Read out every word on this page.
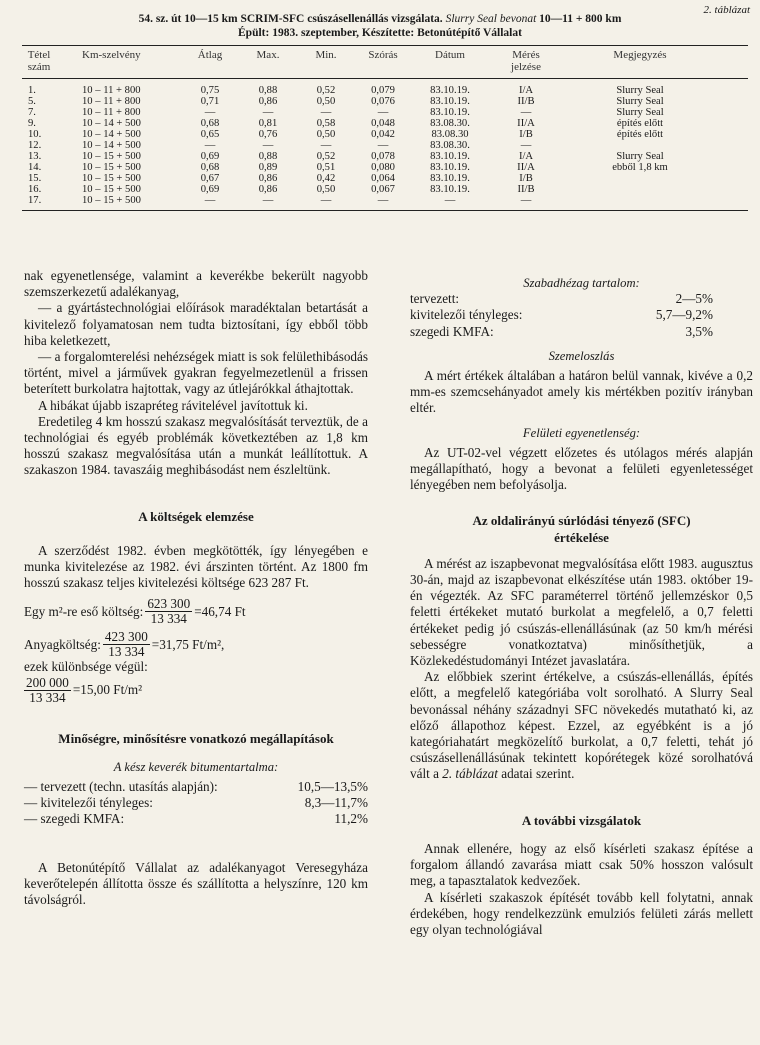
2. táblázat
54. sz. út 10—15 km SCRIM-SFC csúszásellenállás vizsgálata. Slurry Seal bevonat 10—11 + 800 km
Épült: 1983. szeptember, Készítette: Betonútépítő Vállalat
Tétel szám
Km-szelvény	Átlag	Max.	Min.	Szórás	Dátum	Mérés jelzése
Megjegyzés
1.	10 – 11 + 800	0,75	0,88	0,52	0,079	83.10.19.	I/A	Slurry Seal
5.	10 – 11 + 800	0,71	0,86	0,50	0,076	83.10.19.	II/B	Slurry Seal
7.	10 – 11 + 800	—	—	—	—	83.10.19.	—	Slurry Seal
9.	10 – 14 + 500	0,68	0,81	0,58	0,048	83.08.30.	II/A	építés előtt
10.	10 – 14 + 500	0,65	0,76	0,50	0,042	83.08.30	I/B	építés előtt
12.	10 – 14 + 500	—	—	—	—	83.08.30.	—
13.	10 – 15 + 500	0,69	0,88	0,52	0,078	83.10.19.	I/A	Slurry Seal
14.	10 – 15 + 500	0,68	0,89	0,51	0,080	83.10.19.	II/A	ebből 1,8 km
15.	10 – 15 + 500	0,67	0,86	0,42	0,064	83.10.19.	I/B
16.	10 – 15 + 500	0,69	0,86	0,50	0,067	83.10.19.	II/B
17.	10 – 15 + 500	—	—	—	—	—	—

nak egyenetlensége, valamint a keverékbe bekerült nagyobb szemszerkezetű adalékanyag,

— a gyártástechnológiai előírások maradéktalan betartását a kivitelező folyamatosan nem tudta biztosítani, így ebből több hiba keletkezett,

— a forgalomterelési nehézségek miatt is sok felülethibásodás történt, mivel a járművek gyakran fegyelmezetlenül a frissen beterített burkolatra hajtottak, vagy az útlejárókkal áthajtottak.

A hibákat újabb iszapréteg rávitelével javítottuk ki.

Eredetileg 4 km hosszú szakasz megvalósítását terveztük, de a technológiai és egyéb problémák következtében az 1,8 km hosszú szakasz megvalósítása után a munkát leállítottuk. A szakaszon 1984. tavaszáig meghibásodást nem észleltünk.

A költségek elemzése

A szerződést 1982. évben megkötötték, így lényegében e munka kivitelezése az 1982. évi árszinten történt. Az 1800 fm hosszú szakasz teljes kivitelezési költsége 623 287 Ft.

Egy m²-re eső költség: $\frac{623 300}{13 334} =46,74$ Ft
Anyagköltség: $\frac{423 300}{13 334} =31,75$ Ft/m²,

ezek különbsége végül:

$\frac{200 000}{13 334} =15,00$ Ft/m²

Minőségre, minősítésre vonatkozó megállapítások

A kész keverék bitumentartalma:

— tervezett (techn. utasítás alapján):	10,5—13,5%
— kivitelezői tényleges:	8,3—11,7%
— szegedi KMFA:	11,2%

A Betonútépítő Vállalat az adalékanyagot Veresegyháza keverőtelepén állította össze és szállította a helyszínre, 120 km távolságról.

Szabadhézag tartalom:

tervezett:	2—5%
kivitelezői tényleges:	5,7—9,2%
szegedi KMFA:	3,5%

Szemeloszlás

A mért értékek általában a határon belül vannak, kivéve a 0,2 mm-es szemcsehányadot amely kis mértékben pozitív irányban eltér.

Felületi egyenetlenség:

Az UT-02-vel végzett előzetes és utólagos mérés alapján megállapítható, hogy a bevonat a felületi egyenletességet lényegében nem befolyásolja.

Az oldalirányú súrlódási tényező (SFC) értékelése

A mérést az iszapbevonat megvalósítása előtt 1983. augusztus 30-án, majd az iszapbevonat elkészítése után 1983. október 19-én végezték. Az SFC paraméterrel történő jellemzéskor 0,5 feletti értékeket mutató burkolat a megfelelő, a 0,7 feletti értékeket pedig jó csúszás-ellenállásúnak (az 50 km/h mérési sebességre vonatkoztatva) minősíthetjük, a Közlekedéstudományi Intézet javaslatára.

Az előbbiek szerint értékelve, a csúszás-ellenállás, építés előtt, a megfelelő kategóriába volt sorolható. A Slurry Seal bevonással néhány századnyi SFC növekedés mutatható ki, az előző állapothoz képest. Ezzel, az egyébként is a jó kategóriahatárt megközelítő burkolat, a 0,7 feletti, tehát jó csúszásellenállásúnak tekintett kopórétegek közé sorolhatóvá vált a 2. táblázat adatai szerint.

A további vizsgálatok

Annak ellenére, hogy az első kísérleti szakasz építése a forgalom állandó zavarása miatt csak 50% hosszon valósult meg, a tapasztalatok kedvezőek.

A kísérleti szakaszok építését tovább kell folytatni, annak érdekében, hogy rendelkezzünk emulziós felületi zárás mellett egy olyan technológiával
